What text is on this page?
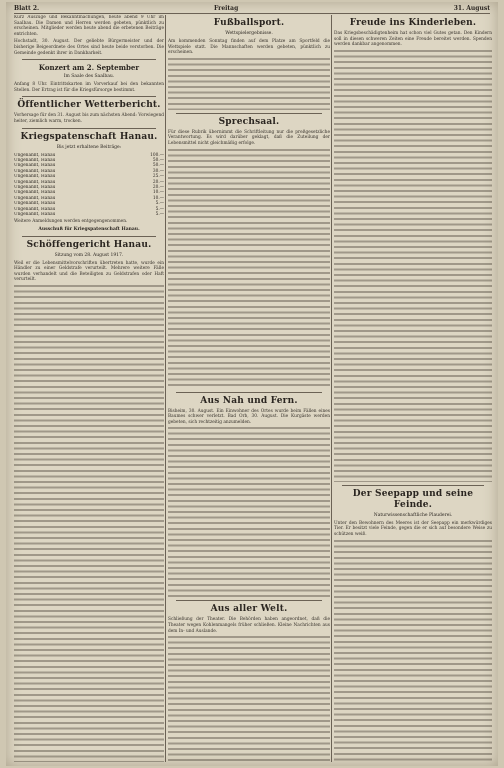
Blatt 2.	Freitag	31. August

Kurz Auszüge und Bekanntmachungen, heute abend 9 Uhr im Saalbau. Die Damen und Herren werden gebeten, pünktlich zu erscheinen. Mitglieder werden heute abend die erbetenen Beiträge entrichten.

Hochstadt, 30. August. Der geliebte Bürgermeister und der bisherige Beigeordnete des Ortes sind heute beide verstorben. Die Gemeinde gedenkt ihrer in Dankbarkeit.

Konzert am 2. September
Im Saale des Saalbau.

Anfang 8 Uhr. Eintrittskarten im Vorverkauf bei den bekannten Stellen. Der Ertrag ist für die Kriegsfürsorge bestimmt.

Öffentlicher Wetterbericht.

Vorhersage für den 31. August bis zum nächsten Abend: Vorwiegend heiter, ziemlich warm, trocken.

Kriegspatenschaft Hanau.
Bis jetzt erhaltene Beiträge:
Ungenannt, Hanau	100.—
Ungenannt, Hanau	50.—
Ungenannt, Hanau	50.—
Ungenannt, Hanau	30.—
Ungenannt, Hanau	25.—
Ungenannt, Hanau	20.—
Ungenannt, Hanau	20.—
Ungenannt, Hanau	10.—
Ungenannt, Hanau	10.—
Ungenannt, Hanau	5.—
Ungenannt, Hanau	5.—
Ungenannt, Hanau	5.—

Weitere Anmeldungen werden entgegengenommen.

Ausschuß für Kriegspatenschaft Hanau.
Schöffengericht Hanau.
Sitzung vom 28. August 1917.

Weil er die Lebensmittelvorschriften übertreten hatte, wurde ein Händler zu einer Geldstrafe verurteilt. Mehrere weitere Fälle wurden verhandelt und die Beteiligten zu Geldstrafen oder Haft verurteilt.

Fußballsport.
Wettspielergebnisse.

Am kommenden Sonntag finden auf dem Platze am Sportfeld die Wettspiele statt. Die Mannschaften werden gebeten, pünktlich zu erscheinen.

Sprechsaal.

Für diese Rubrik übernimmt die Schriftleitung nur die preßgesetzliche Verantwortung. Es wird darüber geklagt, daß die Zuteilung der Lebensmittel nicht gleichmäßig erfolge.

Aus Nah und Fern.

Bisheim, 30. August. Ein Einwohner des Ortes wurde beim Fällen eines Baumes schwer verletzt. Bad Orb, 30. August. Die Kurgäste werden gebeten, sich rechtzeitig anzumelden.

Aus aller Welt.

Schließung der Theater. Die Behörden haben angeordnet, daß die Theater wegen Kohlenmangels früher schließen. Kleine Nachrichten aus dem In- und Auslande.

Freude ins Kinderleben.

Das Kriegsbeschädigtenheim hat schon viel Gutes getan. Den Kindern soll in diesen schweren Zeiten eine Freude bereitet werden. Spenden werden dankbar angenommen.

Der Seepapp und seine Feinde.
Naturwissenschaftliche Plauderei.

Unter den Bewohnern des Meeres ist der Seepapp ein merkwürdiges Tier. Er besitzt viele Feinde, gegen die er sich auf besondere Weise zu schützen weiß.
